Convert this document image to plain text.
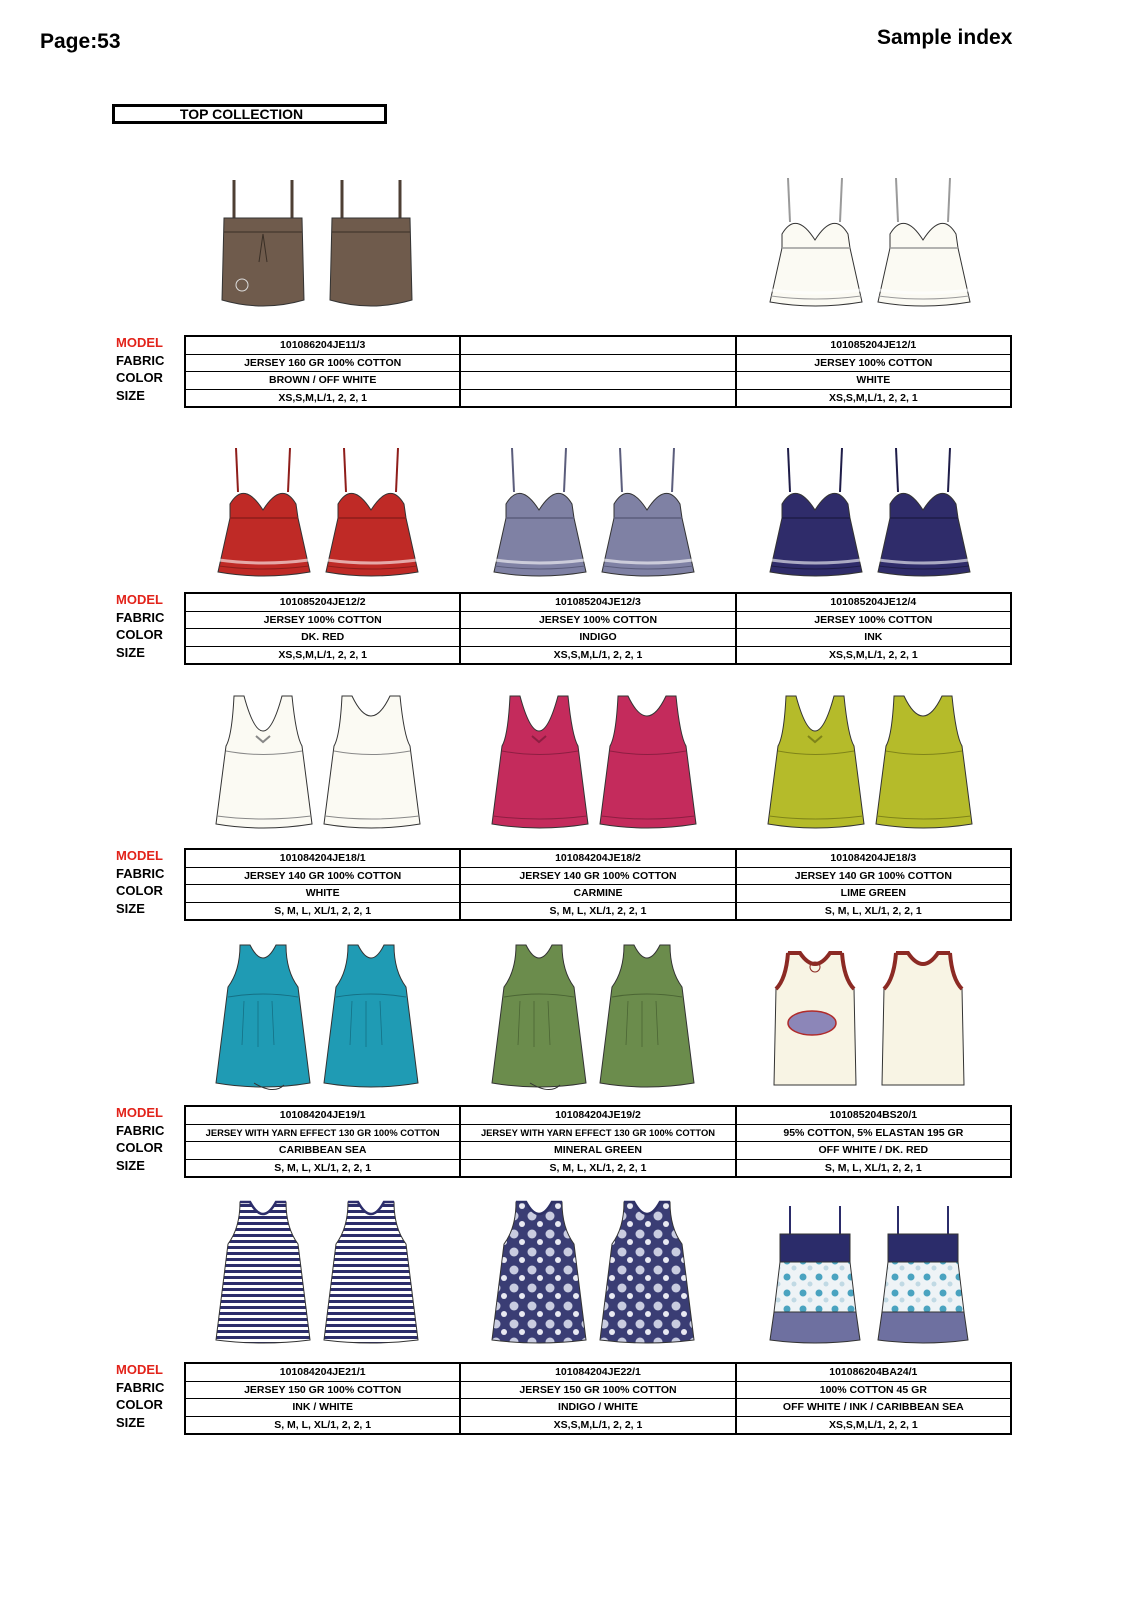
Page:53	Sample index
TOP COLLECTION
MODEL
FABRIC
COLOR
SIZE
101086204JE11/3		101085204JE12/1
JERSEY 160 GR 100% COTTON		JERSEY 100% COTTON
BROWN / OFF WHITE		WHITE
XS,S,M,L/1, 2, 2, 1		XS,S,M,L/1, 2, 2, 1
MODEL
FABRIC
COLOR
SIZE
101085204JE12/2	101085204JE12/3	101085204JE12/4
JERSEY 100% COTTON	JERSEY 100% COTTON	JERSEY 100% COTTON
DK. RED	INDIGO	INK
XS,S,M,L/1, 2, 2, 1	XS,S,M,L/1, 2, 2, 1	XS,S,M,L/1, 2, 2, 1
MODEL
FABRIC
COLOR
SIZE
101084204JE18/1	101084204JE18/2	101084204JE18/3
JERSEY 140 GR 100% COTTON	JERSEY 140 GR 100% COTTON	JERSEY 140 GR 100% COTTON
WHITE	CARMINE	LIME GREEN
S, M, L, XL/1, 2, 2, 1	S, M, L, XL/1, 2, 2, 1	S, M, L, XL/1, 2, 2, 1
MODEL
FABRIC
COLOR
SIZE
101084204JE19/1	101084204JE19/2	101085204BS20/1
JERSEY WITH YARN EFFECT 130 GR 100% COTTON	JERSEY WITH YARN EFFECT 130 GR 100% COTTON	95% COTTON, 5% ELASTAN 195 GR
CARIBBEAN SEA	MINERAL GREEN	OFF WHITE / DK. RED
S, M, L, XL/1, 2, 2, 1	S, M, L, XL/1, 2, 2, 1	S, M, L, XL/1, 2, 2, 1
MODEL
FABRIC
COLOR
SIZE
101084204JE21/1	101084204JE22/1	101086204BA24/1
JERSEY 150 GR 100% COTTON	JERSEY 150 GR 100% COTTON	100% COTTON 45 GR
INK / WHITE	INDIGO / WHITE	OFF WHITE / INK / CARIBBEAN SEA
S, M, L, XL/1, 2, 2, 1	XS,S,M,L/1, 2, 2, 1	XS,S,M,L/1, 2, 2, 1
